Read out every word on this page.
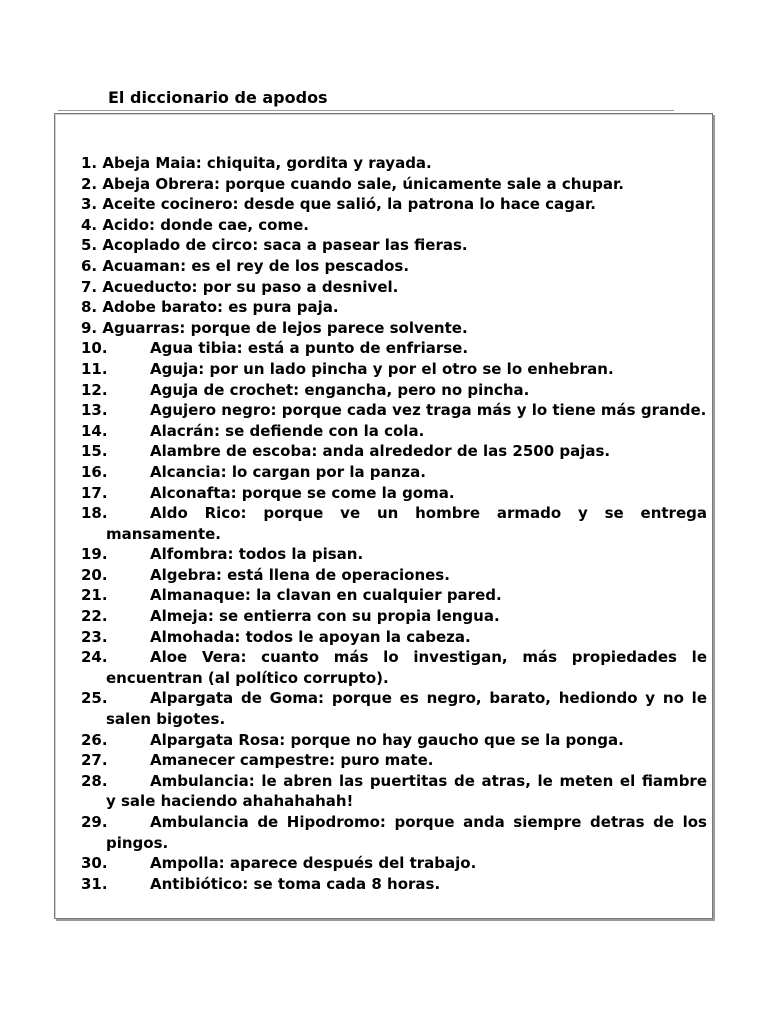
El diccionario de apodos
1. Abeja Maia: chiquita, gordita y rayada.
2. Abeja Obrera: porque cuando sale, únicamente sale a chupar.
3. Aceite cocinero: desde que salió, la patrona lo hace cagar.
4. Acido: donde cae, come.
5. Acoplado de circo: saca a pasear las fieras.
6. Acuaman: es el rey de los pescados.
7. Acueducto: por su paso a desnivel.
8. Adobe barato: es pura paja.
9. Aguarras: porque de lejos parece solvente.
10.	Agua tibia: está a punto de enfriarse.
11.	Aguja: por un lado pincha y por el otro se lo enhebran.
12.	Aguja de crochet: engancha, pero no pincha.
13.	Agujero negro: porque cada vez traga más y lo tiene más grande.
14.	Alacrán: se defiende con la cola.
15.	Alambre de escoba: anda alrededor de las 2500 pajas.
16.	Alcancia: lo cargan por la panza.
17.	Alconafta: porque se come la goma.
18.	Aldo Rico: porque ve un hombre armado y se entrega mansamente.
19.	Alfombra: todos la pisan.
20.	Algebra: está llena de operaciones.
21.	Almanaque: la clavan en cualquier pared.
22.	Almeja: se entierra con su propia lengua.
23.	Almohada: todos le apoyan la cabeza.
24.	Aloe Vera: cuanto más lo investigan, más propiedades le encuentran (al político corrupto).
25.	Alpargata de Goma: porque es negro, barato, hediondo y no le salen bigotes.
26.	Alpargata Rosa: porque no hay gaucho que se la ponga.
27.	Amanecer campestre: puro mate.
28.	Ambulancia: le abren las puertitas de atras, le meten el fiambre y sale haciendo ahahahahah!
29.	Ambulancia de Hipodromo: porque anda siempre detras de los pingos.
30.	Ampolla: aparece después del trabajo.
31.	Antibiótico: se toma cada 8 horas.
